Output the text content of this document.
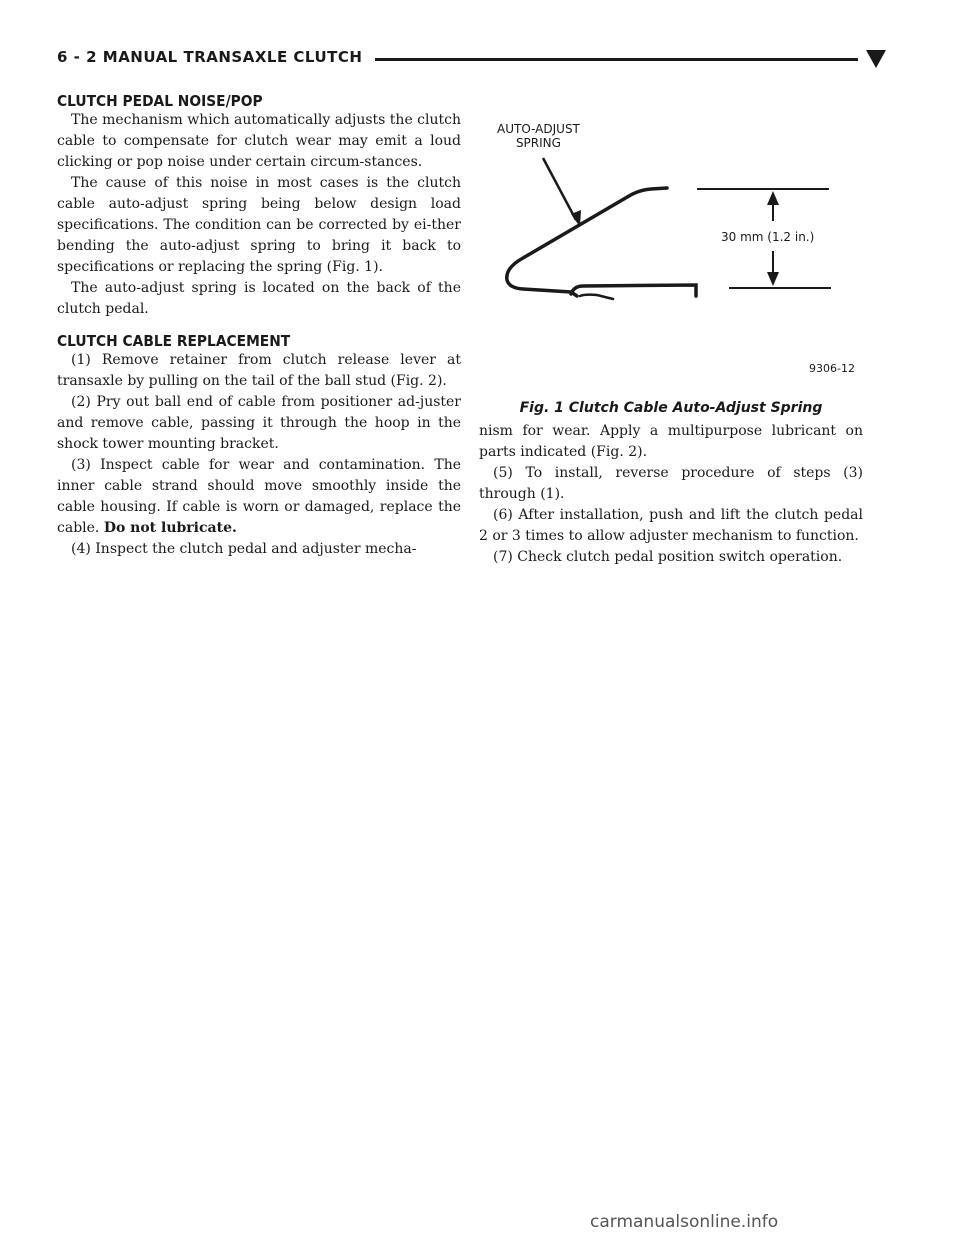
6 - 2 MANUAL TRANSAXLE CLUTCH
CLUTCH PEDAL NOISE/POP

The mechanism which automatically adjusts the clutch cable to compensate for clutch wear may emit a loud clicking or pop noise under certain circum-stances.

The cause of this noise in most cases is the clutch cable auto-adjust spring being below design load specifications. The condition can be corrected by ei-ther bending the auto-adjust spring to bring it back to specifications or replacing the spring (Fig. 1).

The auto-adjust spring is located on the back of the clutch pedal.

CLUTCH CABLE REPLACEMENT

(1) Remove retainer from clutch release lever at transaxle by pulling on the tail of the ball stud (Fig. 2).

(2) Pry out ball end of cable from positioner ad-juster and remove cable, passing it through the hoop in the shock tower mounting bracket.

(3) Inspect cable for wear and contamination. The inner cable strand should move smoothly inside the cable housing. If cable is worn or damaged, replace the cable. Do not lubricate.

(4) Inspect the clutch pedal and adjuster mecha-

AUTO-ADJUST
SPRING
30 mm (1.2 in.)
9306-12
Fig. 1 Clutch Cable Auto-Adjust Spring

nism for wear. Apply a multipurpose lubricant on parts indicated (Fig. 2).

(5) To install, reverse procedure of steps (3) through (1).

(6) After installation, push and lift the clutch pedal 2 or 3 times to allow adjuster mechanism to function.

(7) Check clutch pedal position switch operation.

carmanualsonline.info
